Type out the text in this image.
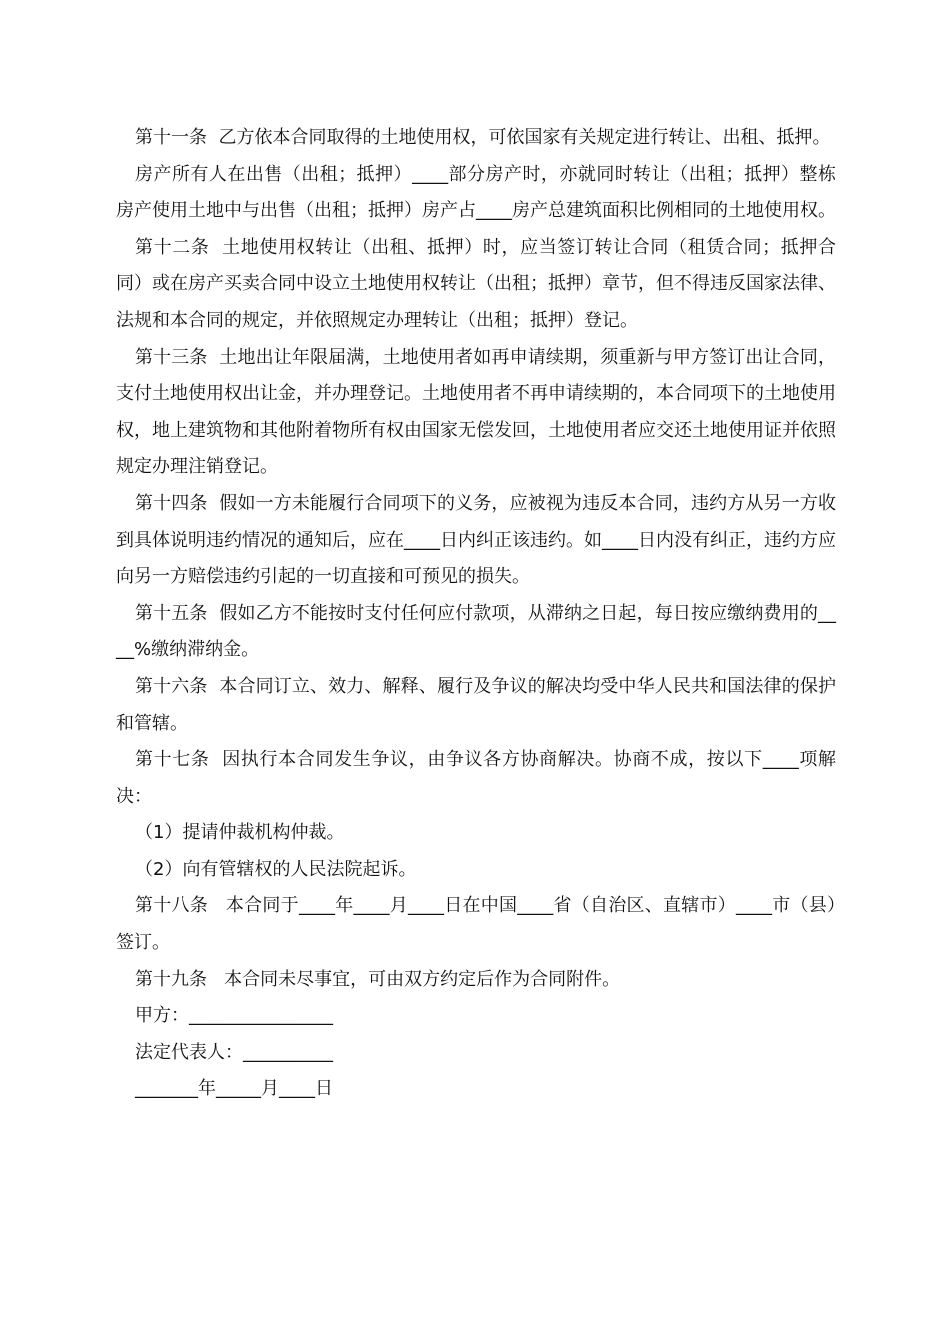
第十一条  乙方依本合同取得的土地使用权，可依国家有关规定进行转让、出租、抵押。

房产所有人在出售（出租；抵押）____部分房产时，亦就同时转让（出租；抵押）整栋房产使用土地中与出售（出租；抵押）房产占____房产总建筑面积比例相同的土地使用权。

第十二条  土地使用权转让（出租、抵押）时，应当签订转让合同（租赁合同；抵押合同）或在房产买卖合同中设立土地使用权转让（出租；抵押）章节，但不得违反国家法律、法规和本合同的规定，并依照规定办理转让（出租；抵押）登记。

第十三条  土地出让年限届满，土地使用者如再申请续期，须重新与甲方签订出让合同，支付土地使用权出让金，并办理登记。土地使用者不再申请续期的，本合同项下的土地使用权，地上建筑物和其他附着物所有权由国家无偿发回，土地使用者应交还土地使用证并依照规定办理注销登记。

第十四条  假如一方未能履行合同项下的义务，应被视为违反本合同，违约方从另一方收到具体说明违约情况的通知后，应在____日内纠正该违约。如____日内没有纠正，违约方应向另一方赔偿违约引起的一切直接和可预见的损失。

第十五条  假如乙方不能按时支付任何应付款项，从滞纳之日起，每日按应缴纳费用的____%缴纳滞纳金。

第十六条  本合同订立、效力、解释、履行及争议的解决均受中华人民共和国法律的保护和管辖。

第十七条  因执行本合同发生争议，由争议各方协商解决。协商不成，按以下____项解决：

（1）提请仲裁机构仲裁。

（2）向有管辖权的人民法院起诉。

第十八条   本合同于____年____月____日在中国____省（自治区、直辖市）____市（县）签订。

第十九条   本合同未尽事宜，可由双方约定后作为合同附件。

甲方：________________

法定代表人：__________

_______年_____月____日
